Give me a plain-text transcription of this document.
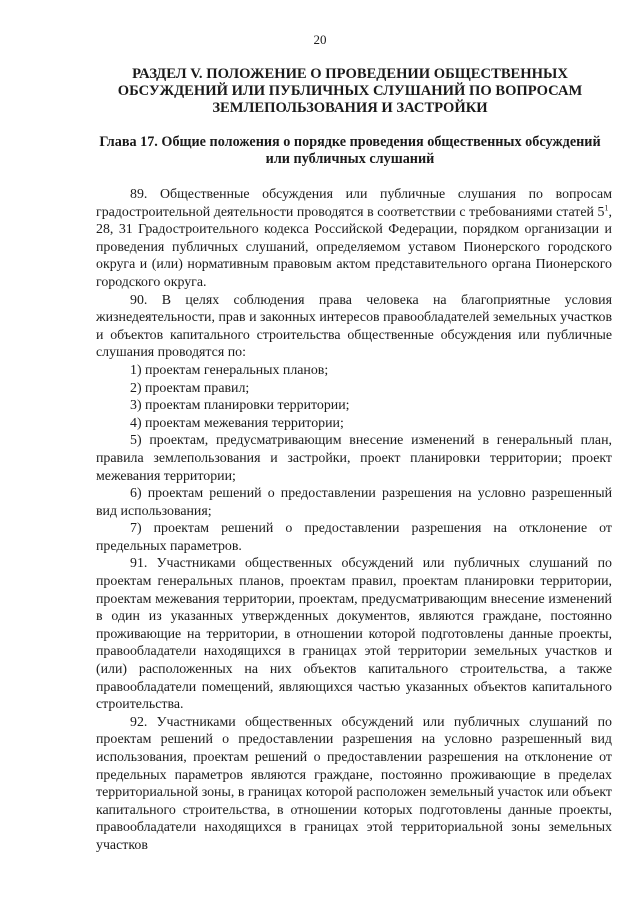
20
РАЗДЕЛ V. ПОЛОЖЕНИЕ О ПРОВЕДЕНИИ ОБЩЕСТВЕННЫХ ОБСУЖДЕНИЙ ИЛИ ПУБЛИЧНЫХ СЛУШАНИЙ ПО ВОПРОСАМ ЗЕМЛЕПОЛЬЗОВАНИЯ И ЗАСТРОЙКИ
Глава 17. Общие положения о порядке проведения общественных обсуждений или публичных слушаний

89. Общественные обсуждения или публичные слушания по вопросам градостроительной деятельности проводятся в соответствии с требованиями статей $5^1$, 28, 31 Градостроительного кодекса Российской Федерации, порядком организации и проведения публичных слушаний, определяемом уставом Пионерского городского округа и (или) нормативным правовым актом представительного органа Пионерского городского округа.

90. В целях соблюдения права человека на благоприятные условия жизнедеятельности, прав и законных интересов правообладателей земельных участков и объектов капитального строительства общественные обсуждения или публичные слушания проводятся по:

1) проектам генеральных планов;

2) проектам правил;

3) проектам планировки территории;

4) проектам межевания территории;

5) проектам, предусматривающим внесение изменений в генеральный план, правила землепользования и застройки, проект планировки территории; проект межевания территории;

6) проектам решений о предоставлении разрешения на условно разрешенный вид использования;

7) проектам решений о предоставлении разрешения на отклонение от предельных параметров.

91. Участниками общественных обсуждений или публичных слушаний по проектам генеральных планов, проектам правил, проектам планировки территории, проектам межевания территории, проектам, предусматривающим внесение изменений в один из указанных утвержденных документов, являются граждане, постоянно проживающие на территории, в отношении которой подготовлены данные проекты, правообладатели находящихся в границах этой территории земельных участков и (или) расположенных на них объектов капитального строительства, а также правообладатели помещений, являющихся частью указанных объектов капитального строительства.

92. Участниками общественных обсуждений или публичных слушаний по проектам решений о предоставлении разрешения на условно разрешенный вид использования, проектам решений о предоставлении разрешения на отклонение от предельных параметров являются граждане, постоянно проживающие в пределах территориальной зоны, в границах которой расположен земельный участок или объект капитального строительства, в отношении которых подготовлены данные проекты, правообладатели находящихся в границах этой территориальной зоны земельных участков
